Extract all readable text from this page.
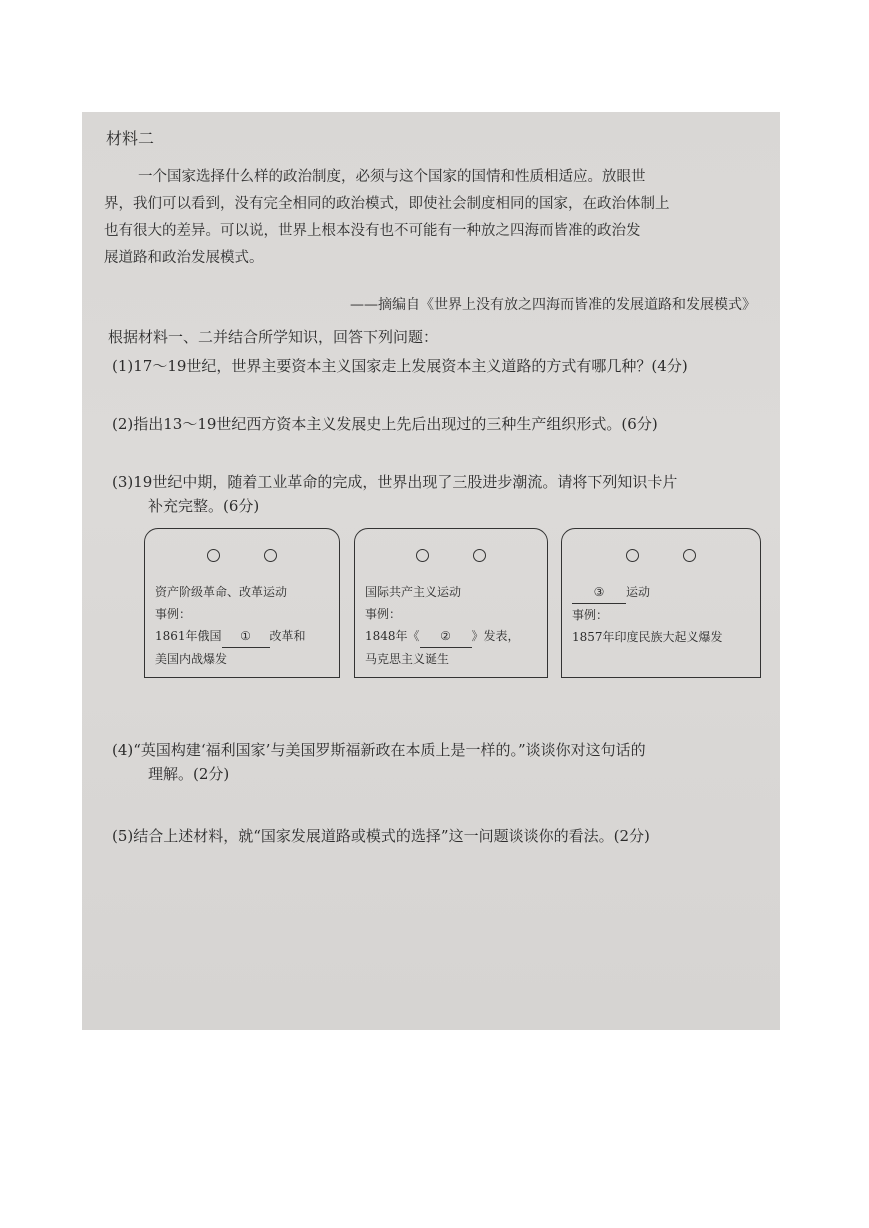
材料二
一个国家选择什么样的政治制度，必须与这个国家的国情和性质相适应。放眼世
界，我们可以看到，没有完全相同的政治模式，即使社会制度相同的国家，在政治体制上
也有很大的差异。可以说，世界上根本没有也不可能有一种放之四海而皆准的政治发
展道路和政治发展模式。
——摘编自《世界上没有放之四海而皆准的发展道路和发展模式》
根据材料一、二并结合所学知识，回答下列问题：
(1)17～19世纪，世界主要资本主义国家走上发展资本主义道路的方式有哪几种？(4分)
(2)指出13～19世纪西方资本主义发展史上先后出现过的三种生产组织形式。(6分)
(3)19世纪中期，随着工业革命的完成，世界出现了三股进步潮流。请将下列知识卡片
补充完整。(6分)
资产阶级革命、改革运动
事例：
1861年俄国 ① 改革和
美国内战爆发
国际共产主义运动
事例：
1848年《 ② 》发表，
马克思主义诞生
③ 运动
事例：
1857年印度民族大起义爆发
(4)“英国构建‘福利国家’与美国罗斯福新政在本质上是一样的。”谈谈你对这句话的
理解。(2分)
(5)结合上述材料，就“国家发展道路或模式的选择”这一问题谈谈你的看法。(2分)
